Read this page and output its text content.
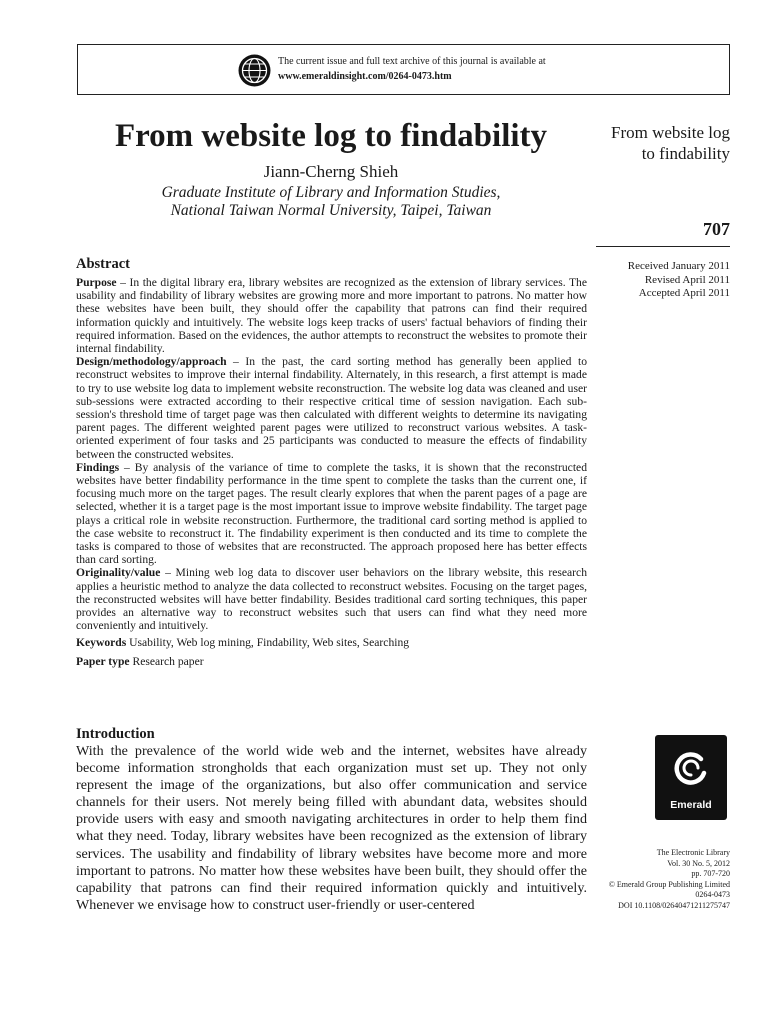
The current issue and full text archive of this journal is available at
www.emeraldinsight.com/0264-0473.htm
From website log to findability
Jiann-Cherng Shieh
Graduate Institute of Library and Information Studies,
National Taiwan Normal University, Taipei, Taiwan
From website log
to findability
707
Received January 2011
Revised April 2011
Accepted April 2011
Abstract

Purpose – In the digital library era, library websites are recognized as the extension of library services. The usability and findability of library websites are growing more and more important to patrons. No matter how these websites have been built, they should offer the capability that patrons can find their required information quickly and intuitively. The website logs keep tracks of users' factual behaviors of finding their required information. Based on the evidences, the author attempts to reconstruct the websites to promote their internal findability.

Design/methodology/approach – In the past, the card sorting method has generally been applied to reconstruct websites to improve their internal findability. Alternately, in this research, a first attempt is made to try to use website log data to implement website reconstruction. The website log data was cleaned and user sub-sessions were extracted according to their respective critical time of session navigation. Each sub-session's threshold time of target page was then calculated with different weights to determine its navigating parent pages. The different weighted parent pages were utilized to reconstruct various websites. A task-oriented experiment of four tasks and 25 participants was conducted to measure the effects of findability between the constructed websites.

Findings – By analysis of the variance of time to complete the tasks, it is shown that the reconstructed websites have better findability performance in the time spent to complete the tasks than the current one, if focusing much more on the target pages. The result clearly explores that when the parent pages of a page are selected, whether it is a target page is the most important issue to improve website findability. The target page plays a critical role in website reconstruction. Furthermore, the traditional card sorting method is applied to the case website to reconstruct it. The findability experiment is then conducted and its time to complete the tasks is compared to those of websites that are reconstructed. The approach proposed here has better effects than card sorting.

Originality/value – Mining web log data to discover user behaviors on the library website, this research applies a heuristic method to analyze the data collected to reconstruct websites. Focusing on the target pages, the reconstructed websites will have better findability. Besides traditional card sorting techniques, this paper provides an alternative way to reconstruct websites such that users can find what they need more conveniently and intuitively.

Keywords Usability, Web log mining, Findability, Web sites, Searching
Paper type Research paper
Introduction

With the prevalence of the world wide web and the internet, websites have already become information strongholds that each organization must set up. They not only represent the image of the organizations, but also offer communication and service channels for their users. Not merely being filled with abundant data, websites should provide users with easy and smooth navigating architectures in order to help them find what they need. Today, library websites have been recognized as the extension of library services. The usability and findability of library websites have become more and more important to patrons. No matter how these websites have been built, they should offer the capability that patrons can find their required information quickly and intuitively. Whenever we envisage how to construct user-friendly or user-centered

Emerald
The Electronic Library
Vol. 30 No. 5, 2012
pp. 707-720
© Emerald Group Publishing Limited
0264-0473
DOI 10.1108/02640471211275747
